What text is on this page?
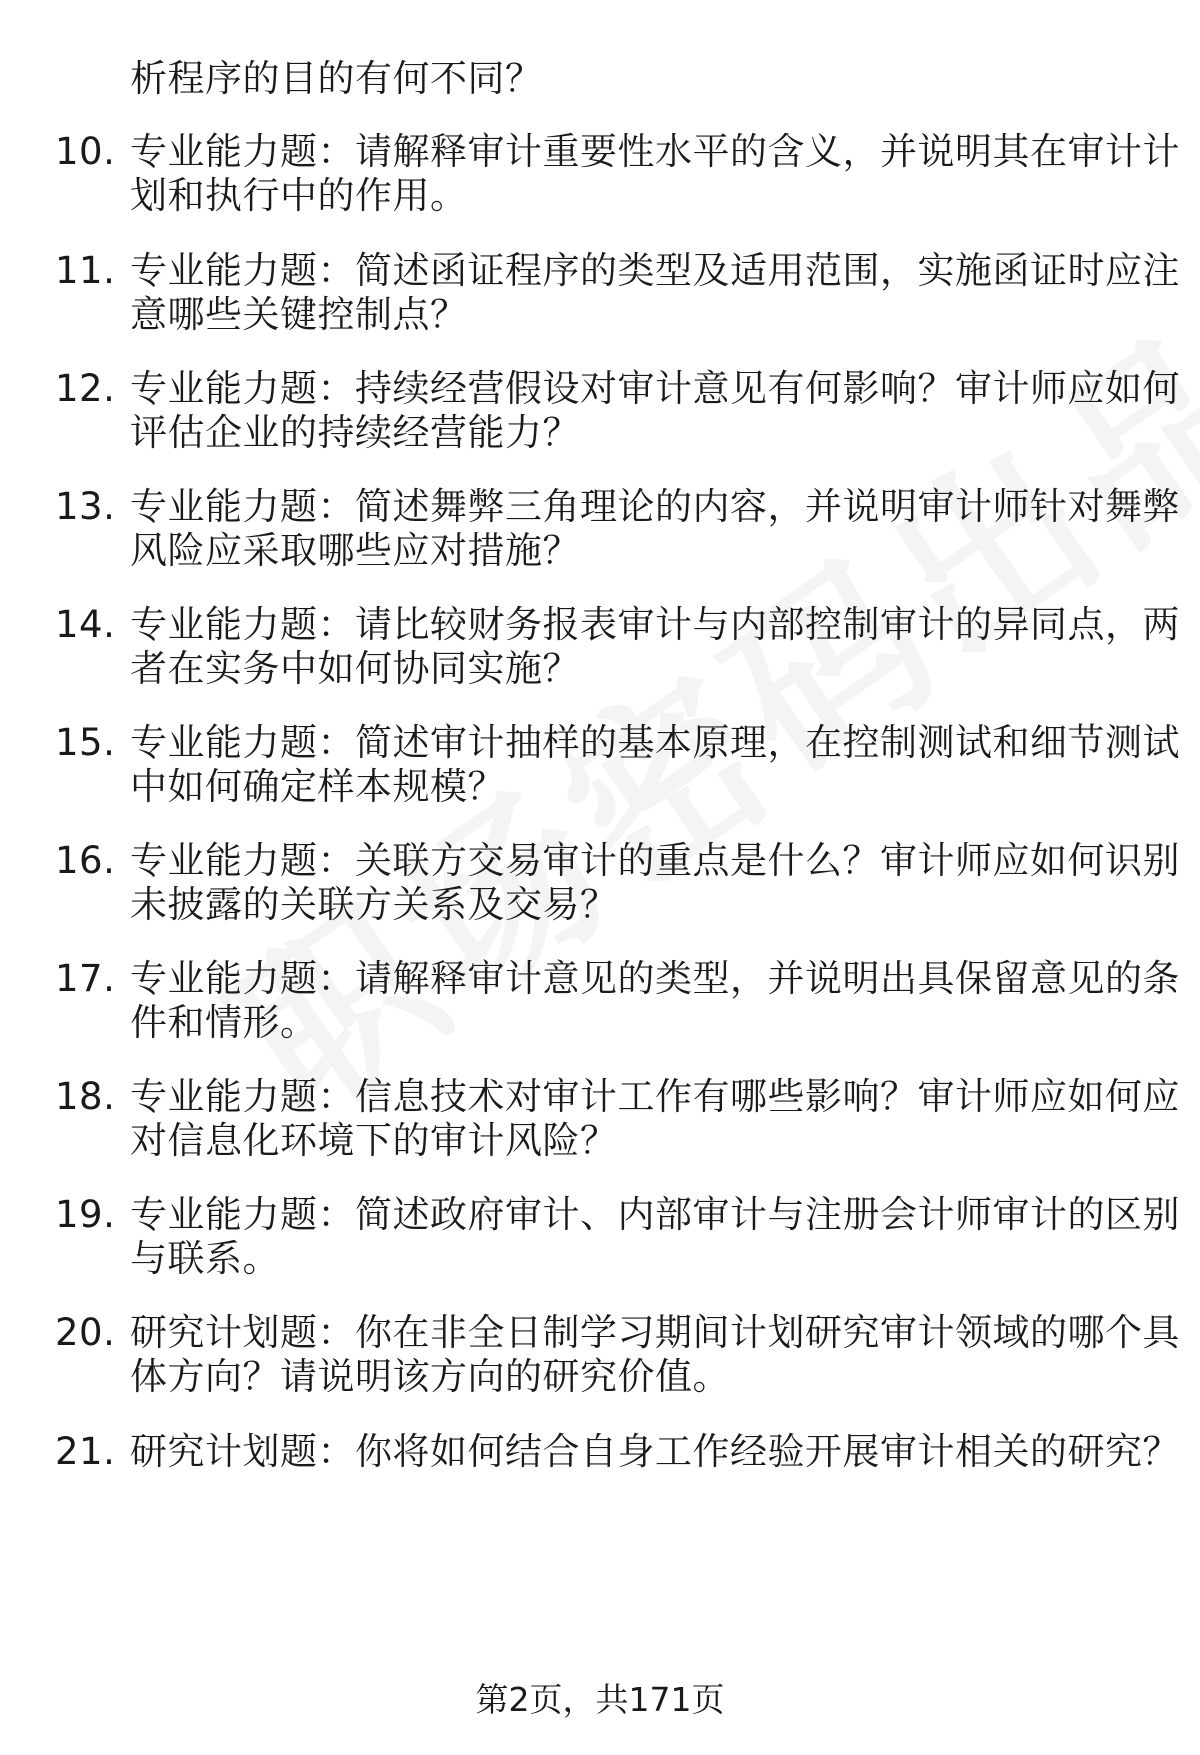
析程序的目的有何不同？
10. 专业能力题：请解释审计重要性水平的含义，并说明其在审计计
划和执行中的作用。
11. 专业能力题：简述函证程序的类型及适用范围，实施函证时应注
意哪些关键控制点？
12. 专业能力题：持续经营假设对审计意见有何影响？审计师应如何
评估企业的持续经营能力？
13. 专业能力题：简述舞弊三角理论的内容，并说明审计师针对舞弊
风险应采取哪些应对措施？
14. 专业能力题：请比较财务报表审计与内部控制审计的异同点，两
者在实务中如何协同实施？
15. 专业能力题：简述审计抽样的基本原理，在控制测试和细节测试
中如何确定样本规模？
16. 专业能力题：关联方交易审计的重点是什么？审计师应如何识别
未披露的关联方关系及交易？
17. 专业能力题：请解释审计意见的类型，并说明出具保留意见的条
件和情形。
18. 专业能力题：信息技术对审计工作有哪些影响？审计师应如何应
对信息化环境下的审计风险？
19. 专业能力题：简述政府审计、内部审计与注册会计师审计的区别
与联系。
20. 研究计划题：你在非全日制学习期间计划研究审计领域的哪个具
体方向？请说明该方向的研究价值。
21. 研究计划题：你将如何结合自身工作经验开展审计相关的研究？
第2页，共171页
